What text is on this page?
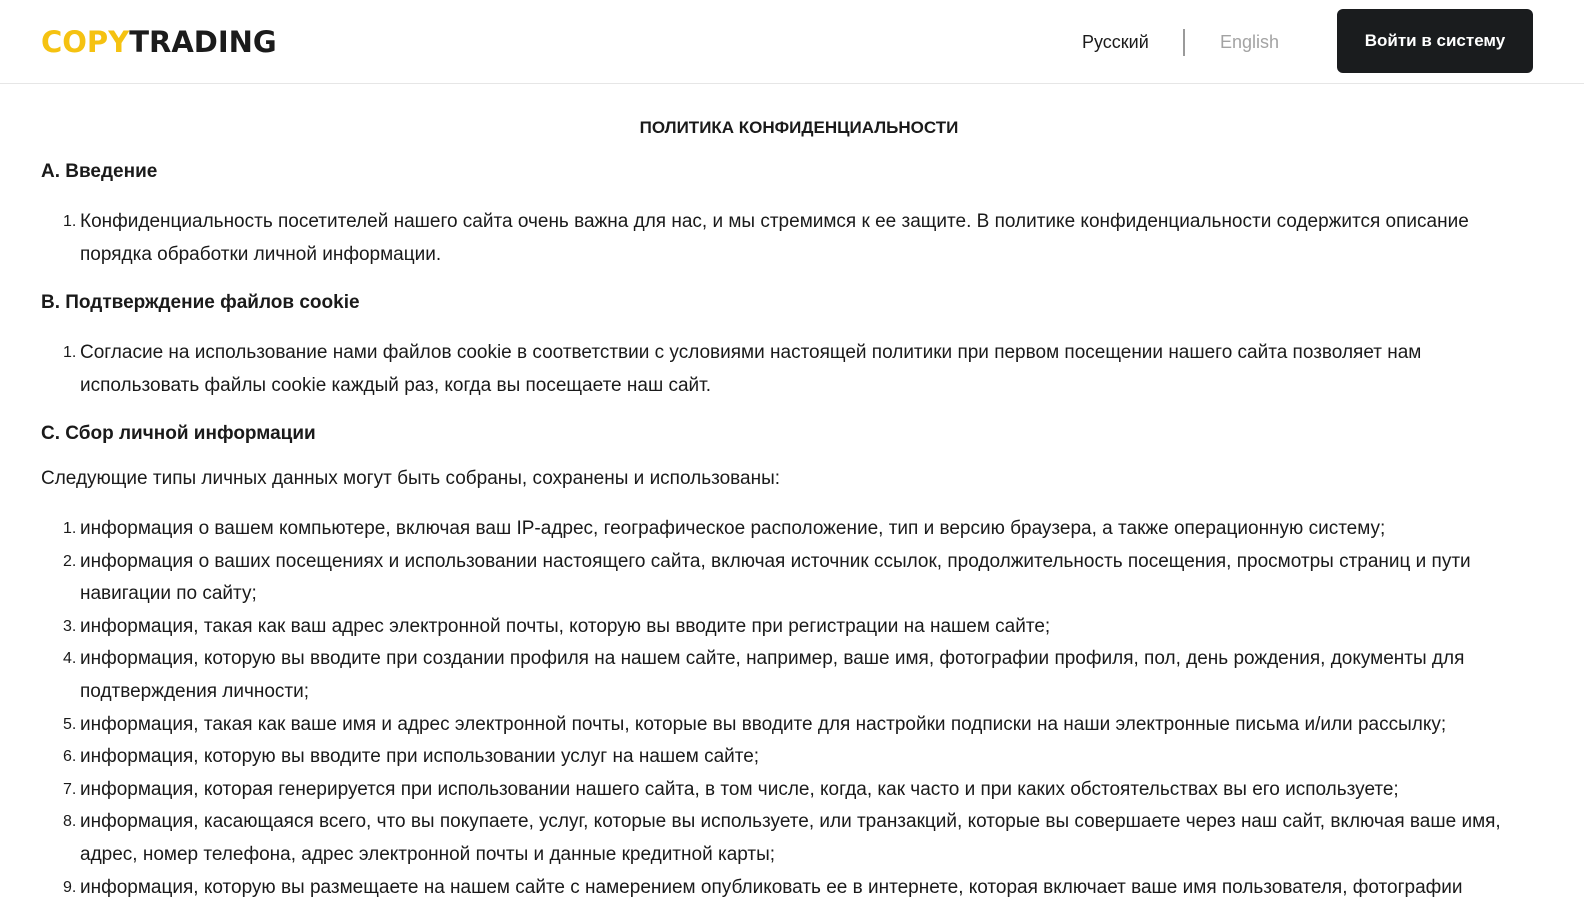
COPYTRADING	Русский	English	Войти в систему
ПОЛИТИКА КОНФИДЕНЦИАЛЬНОСТИ
A. Введение
1. Конфиденциальность посетителей нашего сайта очень важна для нас, и мы стремимся к ее защите. В политике конфиденциальности содержится описание порядка обработки личной информации.
B. Подтверждение файлов cookie
1. Согласие на использование нами файлов cookie в соответствии с условиями настоящей политики при первом посещении нашего сайта позволяет нам использовать файлы cookie каждый раз, когда вы посещаете наш сайт.
C. Сбор личной информации

Следующие типы личных данных могут быть собраны, сохранены и использованы:

1. информация о вашем компьютере, включая ваш IP-адрес, географическое расположение, тип и версию браузера, а также операционную систему;
2. информация о ваших посещениях и использовании настоящего сайта, включая источник ссылок, продолжительность посещения, просмотры страниц и пути навигации по сайту;
3. информация, такая как ваш адрес электронной почты, которую вы вводите при регистрации на нашем сайте;
4. информация, которую вы вводите при создании профиля на нашем сайте, например, ваше имя, фотографии профиля, пол, день рождения, документы для подтверждения личности;
5. информация, такая как ваше имя и адрес электронной почты, которые вы вводите для настройки подписки на наши электронные письма и/или рассылку;
6. информация, которую вы вводите при использовании услуг на нашем сайте;
7. информация, которая генерируется при использовании нашего сайта, в том числе, когда, как часто и при каких обстоятельствах вы его используете;
8. информация, касающаяся всего, что вы покупаете, услуг, которые вы используете, или транзакций, которые вы совершаете через наш сайт, включая ваше имя, адрес, номер телефона, адрес электронной почты и данные кредитной карты;
9. информация, которую вы размещаете на нашем сайте с намерением опубликовать ее в интернете, которая включает ваше имя пользователя, фотографии
